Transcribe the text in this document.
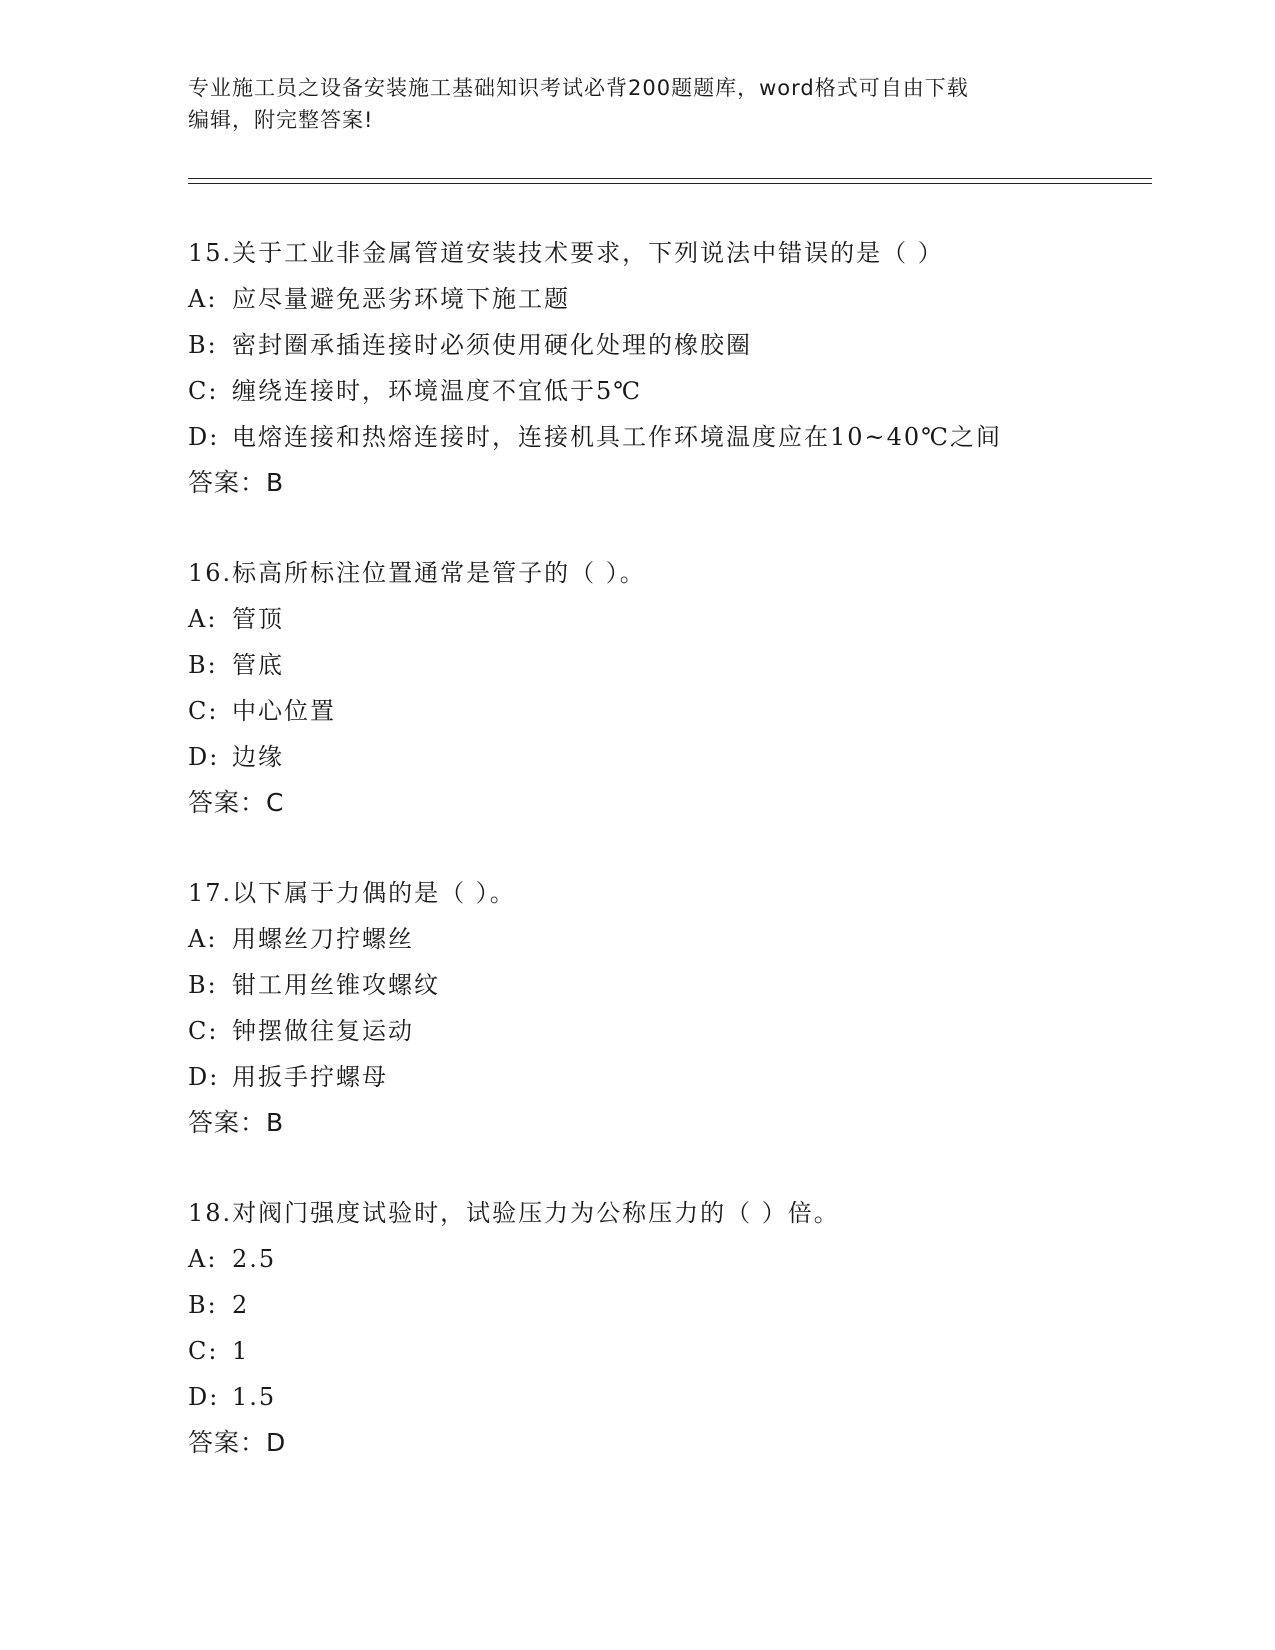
专业施工员之设备安装施工基础知识考试必背200题题库，word格式可自由下载
编辑，附完整答案!
15.关于工业非金属管道安装技术要求，下列说法中错误的是（ ）
A: 应尽量避免恶劣环境下施工题
B: 密封圈承插连接时必须使用硬化处理的橡胶圈
C: 缠绕连接时，环境温度不宜低于5℃
D: 电熔连接和热熔连接时，连接机具工作环境温度应在10~40℃之间
答案：B
16.标高所标注位置通常是管子的（ ）。
A: 管顶
B: 管底
C: 中心位置
D: 边缘
答案：C
17.以下属于力偶的是（ ）。
A: 用螺丝刀拧螺丝
B: 钳工用丝锥攻螺纹
C: 钟摆做往复运动
D: 用扳手拧螺母
答案：B
18.对阀门强度试验时，试验压力为公称压力的（ ）倍。
A: 2.5
B: 2
C: 1
D: 1.5
答案：D
